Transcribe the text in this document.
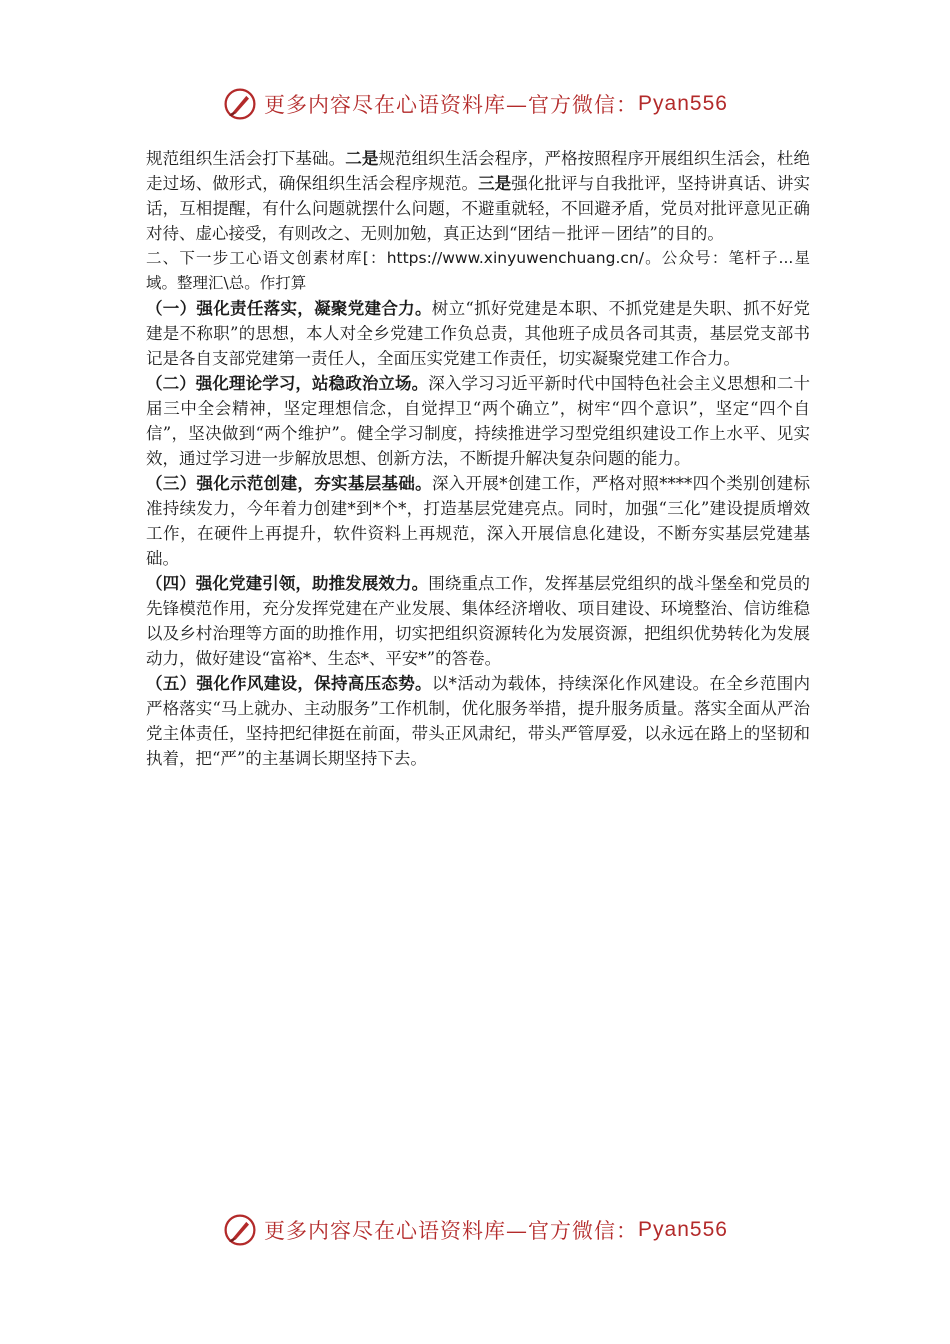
更多内容尽在心语资料库—官方微信： Pyan556

规范组织生活会打下基础。二是规范组织生活会程序，严格按照程序开展组织生活会，杜绝走过场、做形式，确保组织生活会程序规范。三是强化批评与自我批评，坚持讲真话、讲实话，互相提醒，有什么问题就摆什么问题，不避重就轻，不回避矛盾，党员对批评意见正确对待、虚心接受，有则改之、无则加勉，真正达到“团结－批评－团结”的目的。

二、下一步工心语文创素材库[：https://www.xinyuwenchuang.cn/。公众号：笔杆子...星域。整理汇\总。作打算

（一）强化责任落实，凝聚党建合力。树立“抓好党建是本职、不抓党建是失职、抓不好党建是不称职”的思想，本人对全乡党建工作负总责，其他班子成员各司其责，基层党支部书记是各自支部党建第一责任人，全面压实党建工作责任，切实凝聚党建工作合力。

（二）强化理论学习，站稳政治立场。深入学习习近平新时代中国特色社会主义思想和二十届三中全会精神，坚定理想信念，自觉捍卫“两个确立”，树牢“四个意识”，坚定“四个自信”，坚决做到“两个维护”。健全学习制度，持续推进学习型党组织建设工作上水平、见实效，通过学习进一步解放思想、创新方法，不断提升解决复杂问题的能力。

（三）强化示范创建，夯实基层基础。深入开展*创建工作，严格对照****四个类别创建标准持续发力，今年着力创建*到*个*，打造基层党建亮点。同时，加强“三化”建设提质增效工作，在硬件上再提升，软件资料上再规范，深入开展信息化建设，不断夯实基层党建基础。

（四）强化党建引领，助推发展效力。围绕重点工作，发挥基层党组织的战斗堡垒和党员的先锋模范作用，充分发挥党建在产业发展、集体经济增收、项目建设、环境整治、信访维稳以及乡村治理等方面的助推作用，切实把组织资源转化为发展资源，把组织优势转化为发展动力，做好建设“富裕*、生态*、平安*”的答卷。

（五）强化作风建设，保持高压态势。以*活动为载体，持续深化作风建设。在全乡范围内严格落实“马上就办、主动服务”工作机制，优化服务举措，提升服务质量。落实全面从严治党主体责任，坚持把纪律挺在前面，带头正风肃纪，带头严管厚爱，以永远在路上的坚韧和执着，把“严”的主基调长期坚持下去。

更多内容尽在心语资料库—官方微信： Pyan556
